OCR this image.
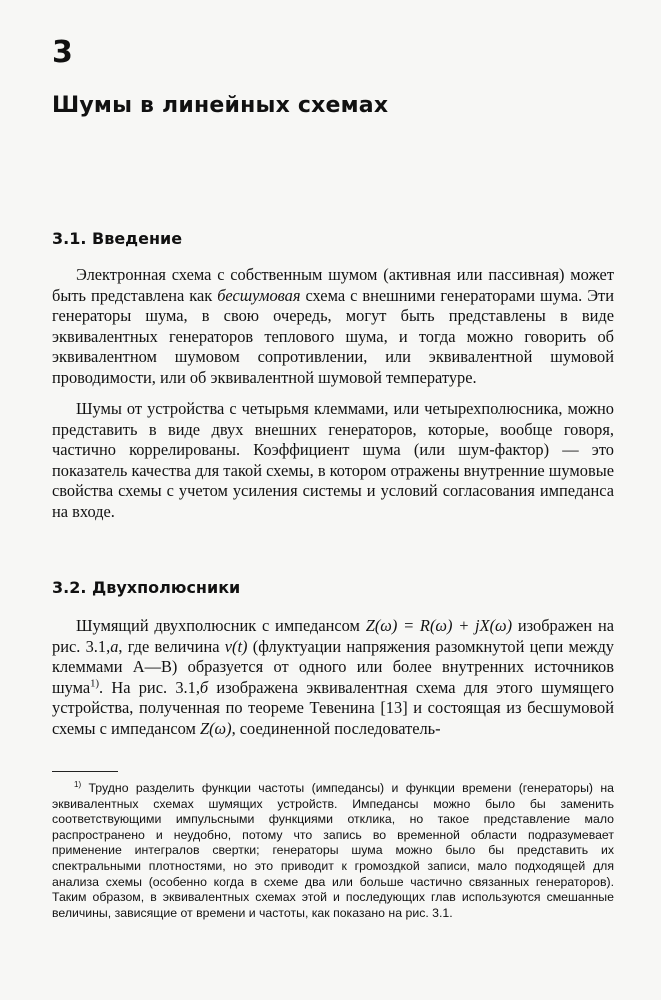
3
Шумы в линейных схемах
3.1. Введение

Электронная схема с собственным шумом (активная или пассивная) может быть представлена как бесшумовая схема с внешними генераторами шума. Эти генераторы шума, в свою очередь, могут быть представлены в виде эквивалентных генераторов теплового шума, и тогда можно говорить об эквивалентном шумовом сопротивлении, или эквивалентной шумовой проводимости, или об эквивалентной шумовой температуре.

Шумы от устройства с четырьмя клеммами, или четырехполюсника, можно представить в виде двух внешних генераторов, которые, вообще говоря, частично коррелированы. Коэффициент шума (или шум-фактор) — это показатель качества для такой схемы, в котором отражены внутренние шумовые свойства схемы с учетом усиления системы и условий согласования импеданса на входе.

3.2. Двухполюсники

Шумящий двухполюсник с импедансом Z(ω) = R(ω) + jX(ω) изображен на рис. 3.1,а, где величина v(t) (флуктуации напряжения разомкнутой цепи между клеммами А—В) образуется от одного или более внутренних источников шума$^{1)}$. На рис. 3.1,б изображена эквивалентная схема для этого шумящего устройства, полученная по теореме Тевенина [13] и состоящая из бесшумовой схемы с импедансом Z(ω), соединенной последователь-

$^{1)}$ Трудно разделить функции частоты (импедансы) и функции времени (генераторы) на эквивалентных схемах шумящих устройств. Импедансы можно было бы заменить соответствующими импульсными функциями отклика, но такое представление мало распространено и неудобно, потому что запись во временной области подразумевает применение интегралов свертки; генераторы шума можно было бы представить их спектральными плотностями, но это приводит к громоздкой записи, мало подходящей для анализа схемы (особенно когда в схеме два или больше частично связанных генераторов). Таким образом, в эквивалентных схемах этой и последующих глав используются смешанные величины, зависящие от времени и частоты, как показано на рис. 3.1.
